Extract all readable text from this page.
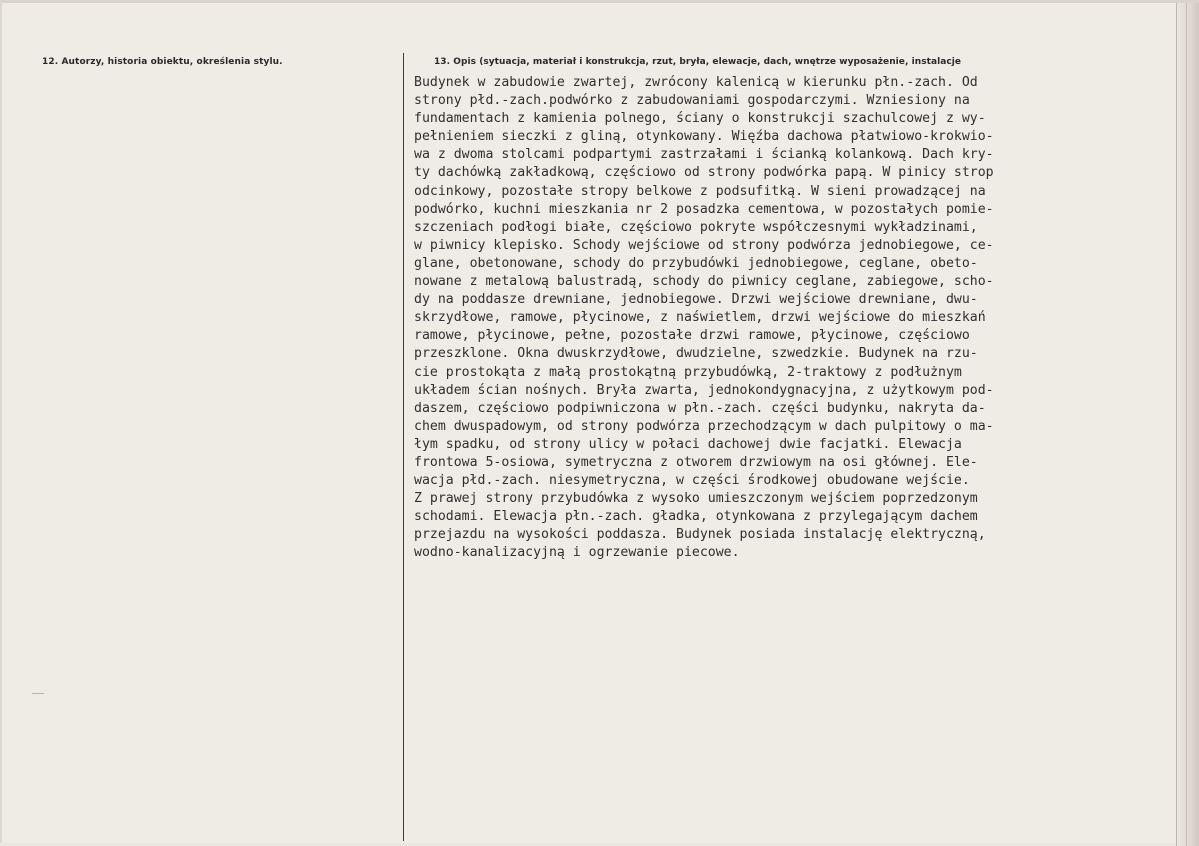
12. Autorzy, historia obiektu, określenia stylu.	13. Opis (sytuacja, materiał i konstrukcja, rzut, bryła, elewacje, dach, wnętrze wyposażenie, instalacje
Budynek w zabudowie zwartej, zwrócony kalenicą w kierunku płn.-zach. Od
strony płd.-zach.podwórko z zabudowaniami gospodarczymi. Wzniesiony na
fundamentach z kamienia polnego, ściany o konstrukcji szachulcowej z wy-
pełnieniem sieczki z gliną, otynkowany. Więźba dachowa płatwiowo-krokwio-
wa z dwoma stolcami podpartymi zastrzałami i ścianką kolankową. Dach kry-
ty dachówką zakładkową, częściowo od strony podwórka papą. W pinicy strop
odcinkowy, pozostałe stropy belkowe z podsufitką. W sieni prowadzącej na
podwórko, kuchni mieszkania nr 2 posadzka cementowa, w pozostałych pomie-
szczeniach podłogi białe, częściowo pokryte współczesnymi wykładzinami,
w piwnicy klepisko. Schody wejściowe od strony podwórza jednobiegowe, ce-
glane, obetonowane, schody do przybudówki jednobiegowe, ceglane, obeto-
nowane z metalową balustradą, schody do piwnicy ceglane, zabiegowe, scho-
dy na poddasze drewniane, jednobiegowe. Drzwi wejściowe drewniane, dwu-
skrzydłowe, ramowe, płycinowe, z naświetlem, drzwi wejściowe do mieszkań
ramowe, płycinowe, pełne, pozostałe drzwi ramowe, płycinowe, częściowo
przeszklone. Okna dwuskrzydłowe, dwudzielne, szwedzkie. Budynek na rzu-
cie prostokąta z małą prostokątną przybudówką, 2-traktowy z podłużnym
układem ścian nośnych. Bryła zwarta, jednokondygnacyjna, z użytkowym pod-
daszem, częściowo podpiwniczona w płn.-zach. części budynku, nakryta da-
chem dwuspadowym, od strony podwórza przechodzącym w dach pulpitowy o ma-
łym spadku, od strony ulicy w połaci dachowej dwie facjatki. Elewacja
frontowa 5-osiowa, symetryczna z otworem drzwiowym na osi głównej. Ele-
wacja płd.-zach. niesymetryczna, w części środkowej obudowane wejście.
Z prawej strony przybudówka z wysoko umieszczonym wejściem poprzedzonym
schodami. Elewacja płn.-zach. gładka, otynkowana z przylegającym dachem
przejazdu na wysokości poddasza. Budynek posiada instalację elektryczną,
wodno-kanalizacyjną i ogrzewanie piecowe.
